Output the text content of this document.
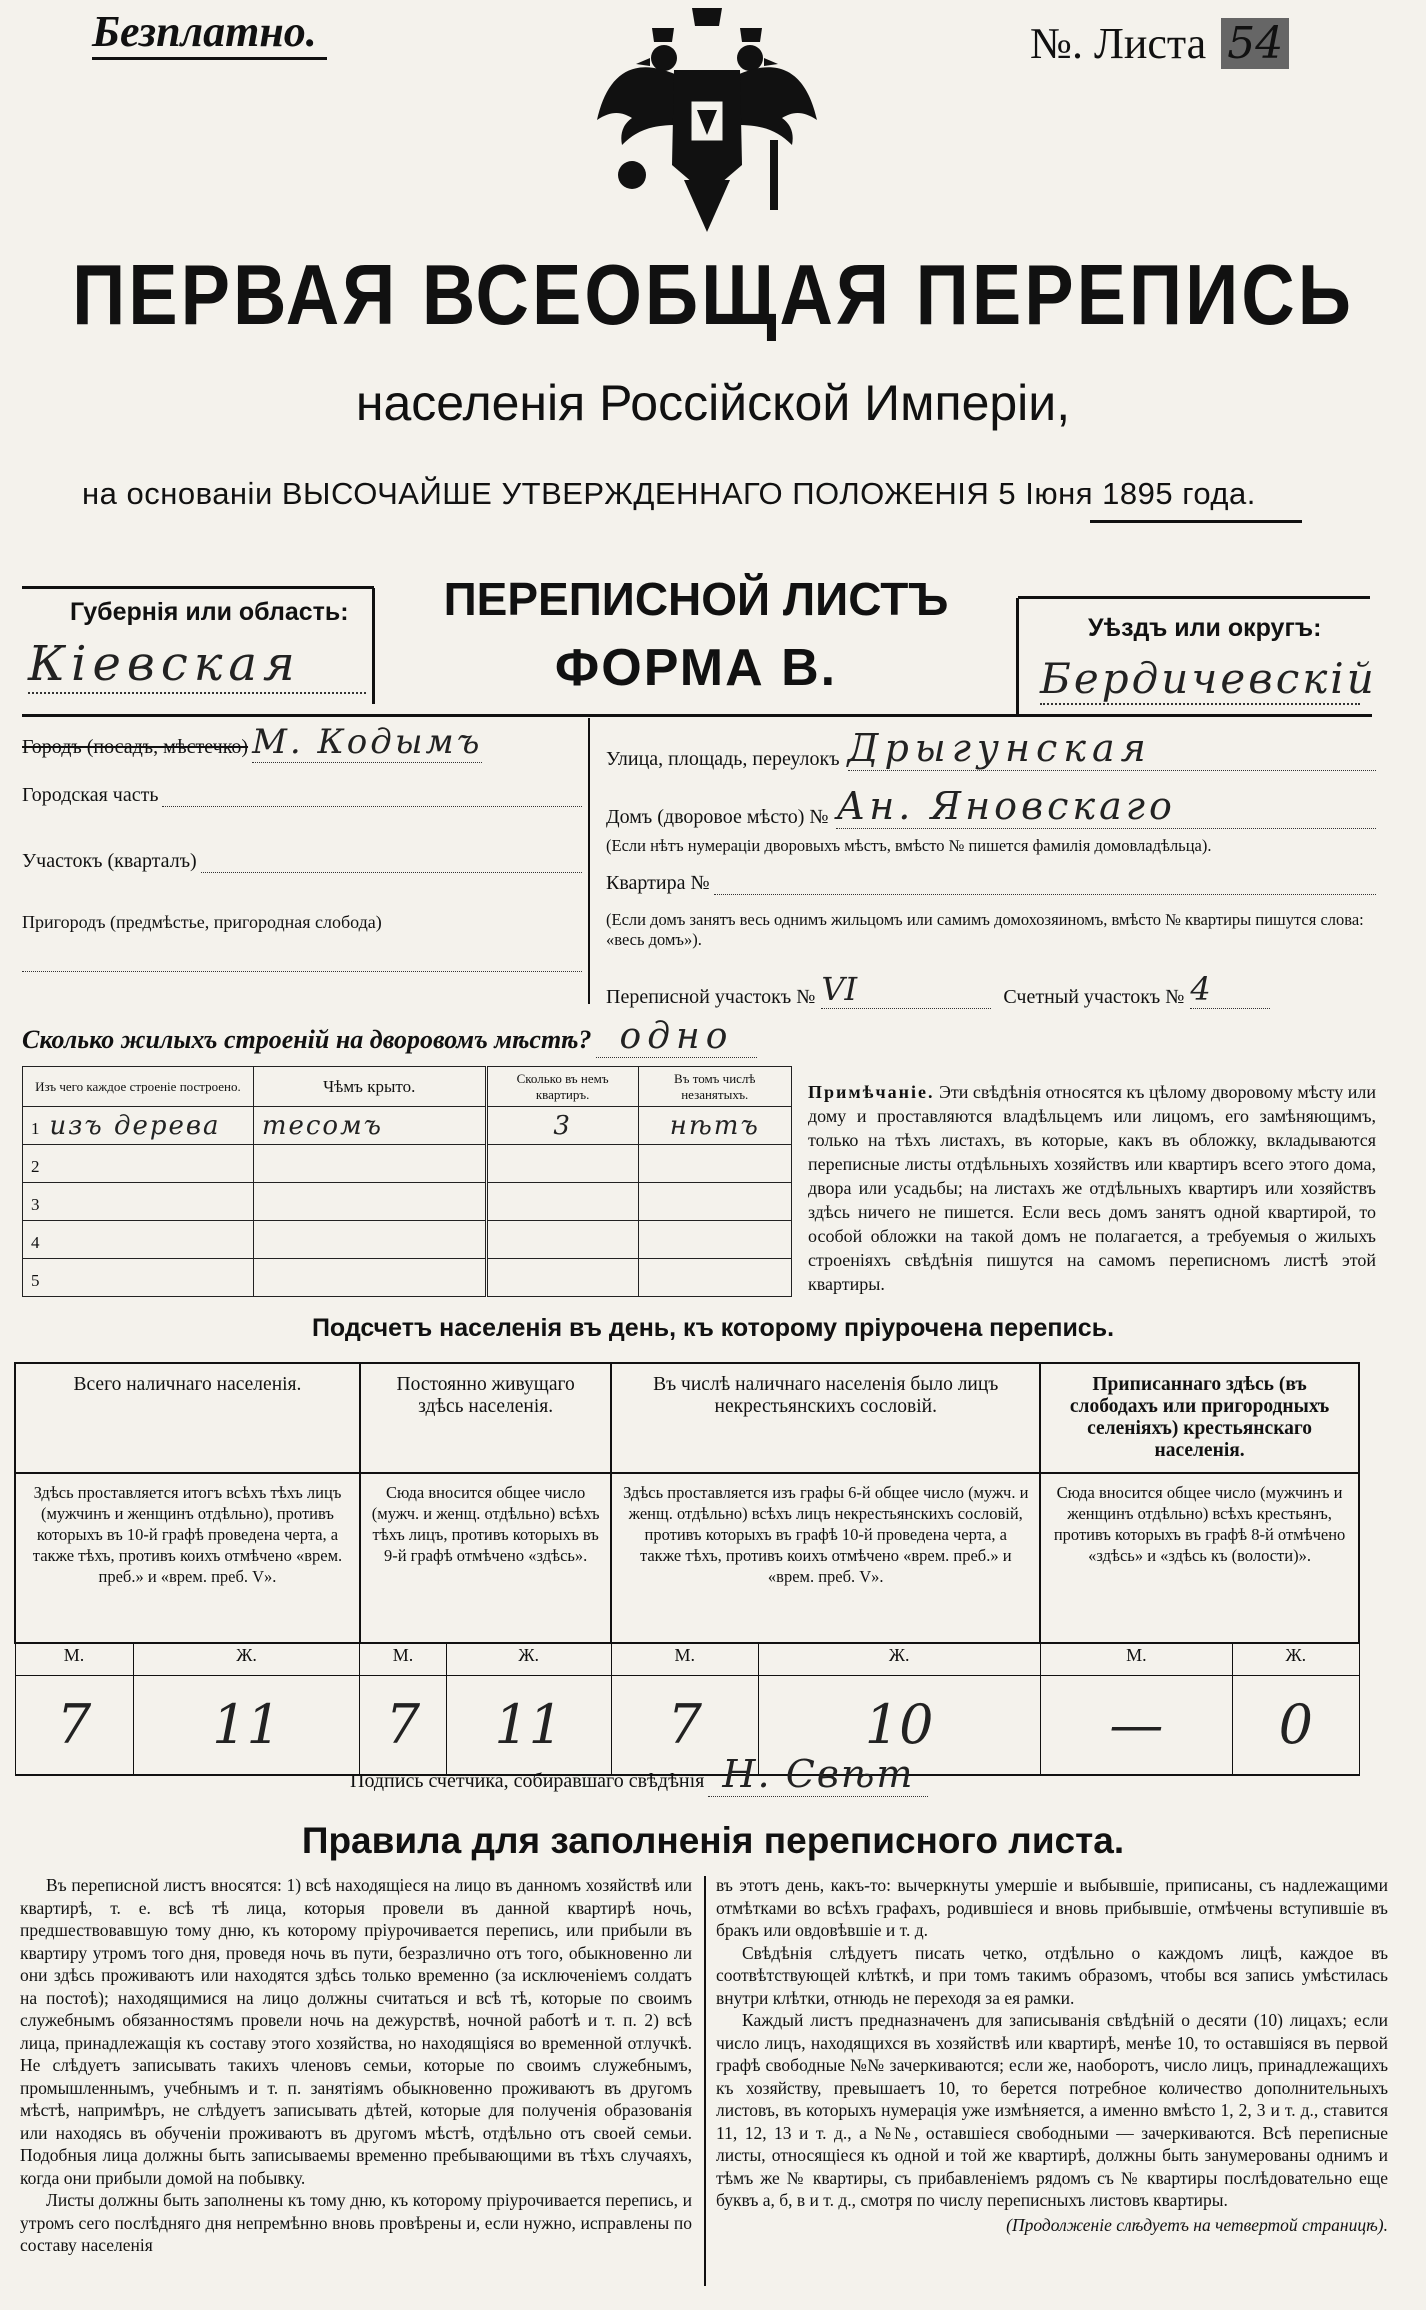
Безплатно.	№. Листа 54
ПЕРВАЯ ВСЕОБЩАЯ ПЕРЕПИСЬ
населенія Россійской Имперіи,
на основаніи ВЫСОЧАЙШЕ УТВЕРЖДЕННАГО ПОЛОЖЕНІЯ 5 Іюня 1895 года.
Губернія или область:
Кіевская
ПЕРЕПИСНОЙ ЛИСТЪ
ФОРМА В.
Уѣздъ или округъ:
Бердичевскій
Городъ (посадъ, мѣстечко) М. Кодымъ
Городская часть
Участокъ (кварталъ)
Пригородъ (предмѣстье, пригородная слобода)
Улица, площадь, переулокъ Дрыгунская
Домъ (дворовое мѣсто) № Ан. Яновскаго
(Если нѣтъ нумераціи дворовыхъ мѣстъ, вмѣсто № пишется фамилія домовладѣльца).
Квартира №
(Если домъ занятъ весь однимъ жильцомъ или самимъ домохозяиномъ, вмѣсто № квартиры пишутся слова: «весь домъ»).
Переписной участокъ № VI	Счетный участокъ № 4
Сколько жилыхъ строеній на дворовомъ мѣстѣ? одно
Изъ чего каждое строеніе построено.	Чѣмъ крыто.	Сколько въ немъ квартиръ.	Въ томъ числѣ незанятыхъ.
1 изъ дерева	тесомъ	3	нѣтъ
2			
3			
4			
5			
Примѣчаніе. Эти свѣдѣнія относятся къ цѣлому дворовому мѣсту или дому и проставляются владѣльцемъ или лицомъ, его замѣняющимъ, только на тѣхъ листахъ, въ которые, какъ въ обложку, вкладываются переписные листы отдѣльныхъ хозяйствъ или квартиръ всего этого дома, двора или усадьбы; на листахъ же отдѣльныхъ квартиръ или хозяйствъ здѣсь ничего не пишется. Если весь домъ занятъ одной квартирой, то особой обложки на такой домъ не полагается, а требуемыя о жилыхъ строеніяхъ свѣдѣнія пишутся на самомъ переписномъ листѣ этой квартиры.
Подсчетъ населенія въ день, къ которому пріурочена перепись.
Всего наличнаго населенія.		Постоянно живущаго здѣсь населенія.		Въ числѣ наличнаго населенія было лицъ некрестьянскихъ сословій.		Приписаннаго здѣсь (въ слободахъ или пригородныхъ селеніяхъ) крестьянскаго населенія.	
Здѣсь проставляется итогъ всѣхъ тѣхъ лицъ (мужчинъ и женщинъ отдѣльно), противъ которыхъ въ 10-й графѣ проведена черта, а также тѣхъ, противъ коихъ отмѣчено «врем. преб.» и «врем. преб. V».		Сюда вносится общее число (мужч. и женщ. отдѣльно) всѣхъ тѣхъ лицъ, противъ которыхъ въ 9-й графѣ отмѣчено «здѣсь».		Здѣсь проставляется изъ графы 6-й общее число (мужч. и женщ. отдѣльно) всѣхъ лицъ некрестьянскихъ сословій, противъ которыхъ въ графѣ 10-й проведена черта, а также тѣхъ, противъ коихъ отмѣчено «врем. преб.» и «врем. преб. V».		Сюда вносится общее число (мужчинъ и женщинъ отдѣльно) всѣхъ крестьянъ, противъ которыхъ въ графѣ 8-й отмѣчено «здѣсь» и «здѣсь къ (волости)».	
М.	Ж.	М.	Ж.	М.	Ж.	М.	Ж.
7	11	7	11	7	10	—	0
Подпись счетчика, собиравшаго свѣдѣнія Н. Свѣт
Правила для заполненія переписного листа.

Въ переписной листъ вносятся: 1) всѣ находящіеся на лицо въ данномъ хозяйствѣ или квартирѣ, т. е. всѣ тѣ лица, которыя провели въ данной квартирѣ ночь, предшествовавшую тому дню, къ которому пріурочивается перепись, или прибыли въ квартиру утромъ того дня, проведя ночь въ пути, безразлично отъ того, обыкновенно ли они здѣсь проживаютъ или находятся здѣсь только временно (за исключеніемъ солдатъ на постоѣ); находящимися на лицо должны считаться и всѣ тѣ, которые по своимъ служебнымъ обязанностямъ провели ночь на дежурствѣ, ночной работѣ и т. п. 2) всѣ лица, принадлежащія къ составу этого хозяйства, но находящіяся во временной отлучкѣ. Не слѣдуетъ записывать такихъ членовъ семьи, которые по своимъ служебнымъ, промышленнымъ, учебнымъ и т. п. занятіямъ обыкновенно проживаютъ въ другомъ мѣстѣ, напримѣръ, не слѣдуетъ записывать дѣтей, которые для полученія образованія или находясь въ обученіи проживаютъ въ другомъ мѣстѣ, отдѣльно отъ своей семьи. Подобныя лица должны быть записываемы временно пребывающими въ тѣхъ случаяхъ, когда они прибыли домой на побывку.

Листы должны быть заполнены къ тому дню, къ которому пріурочивается перепись, и утромъ сего послѣдняго дня непремѣнно вновь провѣрены и, если нужно, исправлены по составу населенія

въ этотъ день, какъ-то: вычеркнуты умершіе и выбывшіе, приписаны, съ надлежащими отмѣтками во всѣхъ графахъ, родившіеся и вновь прибывшіе, отмѣчены вступившіе въ бракъ или овдовѣвшіе и т. д.

Свѣдѣнія слѣдуетъ писать четко, отдѣльно о каждомъ лицѣ, каждое въ соотвѣтствующей клѣткѣ, и при томъ такимъ образомъ, чтобы вся запись умѣстилась внутри клѣтки, отнюдь не переходя за ея рамки.

Каждый листъ предназначенъ для записыванія свѣдѣній о десяти (10) лицахъ; если число лицъ, находящихся въ хозяйствѣ или квартирѣ, менѣе 10, то оставшіяся въ первой графѣ свободные №№ зачеркиваются; если же, наоборотъ, число лицъ, принадлежащихъ къ хозяйству, превышаетъ 10, то берется потребное количество дополнительныхъ листовъ, въ которыхъ нумерація уже измѣняется, а именно вмѣсто 1, 2, 3 и т. д., ставится 11, 12, 13 и т. д., а №№, оставшіеся свободными — зачеркиваются. Всѣ переписные листы, относящіеся къ одной и той же квартирѣ, должны быть занумерованы однимъ и тѣмъ же № квартиры, съ прибавленіемъ рядомъ съ № квартиры послѣдовательно еще буквъ а, б, в и т. д., смотря по числу переписныхъ листовъ квартиры.

(Продолженіе слѣдуетъ на четвертой страницѣ).
